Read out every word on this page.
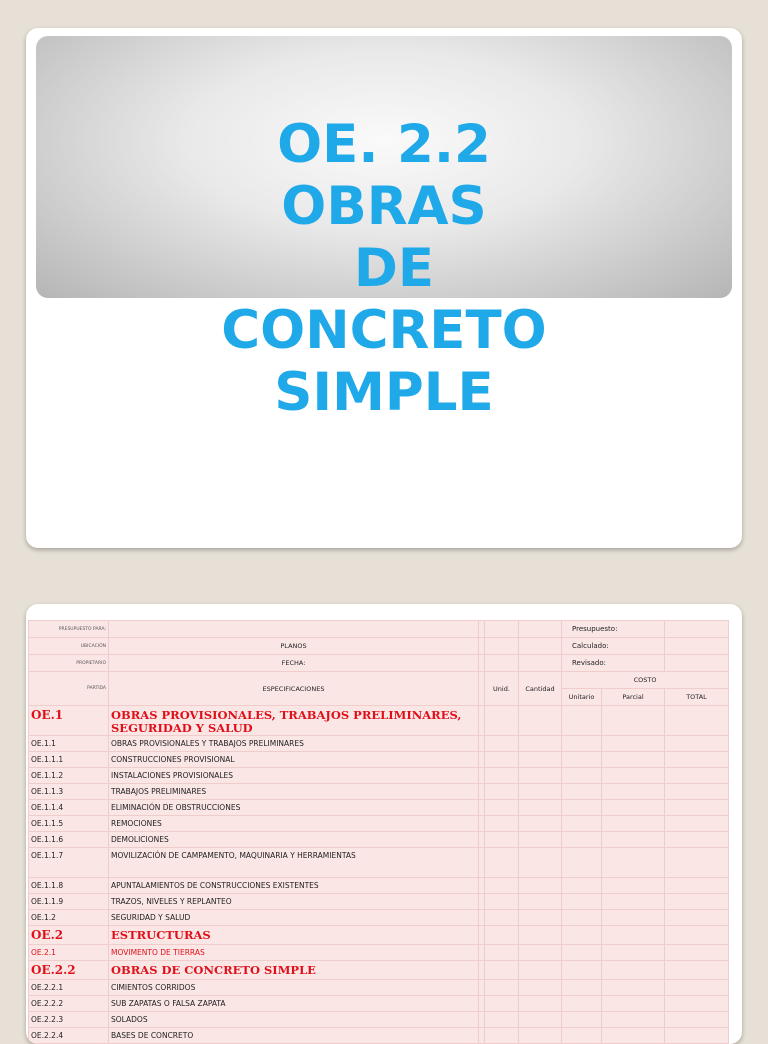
OE. 2.2
OBRAS
DE
CONCRETO
SIMPLE
PRESUPUESTO PARA:					Presupuesto:		
UBICACIÓN	PLANOS				Calculado:		
PROPIETARIO	FECHA:				Revisado:		
PARTIDA	ESPECIFICACIONES		Unid.	Cantidad	COSTO		
					Unitario	Parcial	TOTAL
OE.1	OBRAS PROVISIONALES, TRABAJOS PRELIMINARES, SEGURIDAD Y SALUD						
OE.1.1	OBRAS PROVISIONALES Y TRABAJOS PRELIMINARES						
OE.1.1.1	CONSTRUCCIONES PROVISIONAL						
OE.1.1.2	INSTALACIONES PROVISIONALES						
OE.1.1.3	TRABAJOS PRELIMINARES						
OE.1.1.4	ELIMINACIÓN DE OBSTRUCCIONES						
OE.1.1.5	REMOCIONES						
OE.1.1.6	DEMOLICIONES						
OE.1.1.7	MOVILIZACIÓN DE CAMPAMENTO, MAQUINARIA Y HERRAMIENTAS						
OE.1.1.8	APUNTALAMIENTOS DE CONSTRUCCIONES EXISTENTES						
OE.1.1.9	TRAZOS, NIVELES Y REPLANTEO						
OE.1.2	SEGURIDAD Y SALUD						
OE.2	ESTRUCTURAS						
OE.2.1	MOVIMENTO DE TIERRAS						
OE.2.2	OBRAS DE CONCRETO SIMPLE						
OE.2.2.1	CIMIENTOS CORRIDOS						
OE.2.2.2	SUB ZAPATAS O FALSA ZAPATA						
OE.2.2.3	SOLADOS						
OE.2.2.4	BASES DE CONCRETO						
